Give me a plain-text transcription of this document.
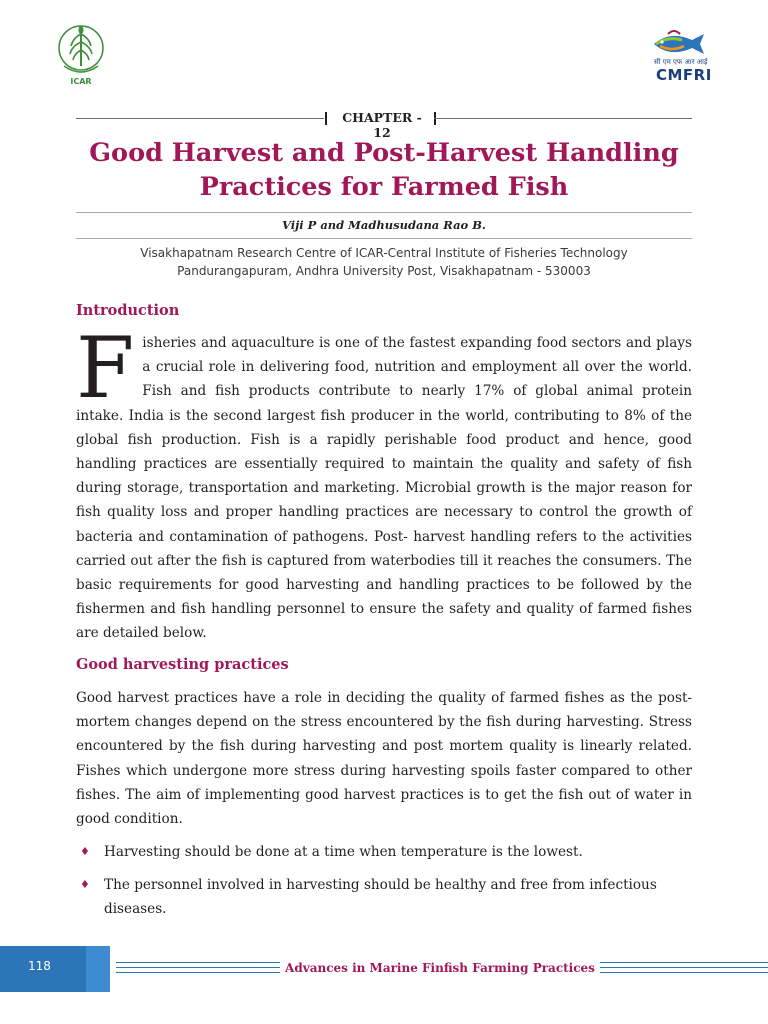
ICAR
सी एम एफ आर आई
CMFRI
CHAPTER - 12
Good Harvest and Post-Harvest Handling
Practices for Farmed Fish
Viji P and Madhusudana Rao B.
Visakhapatnam Research Centre of ICAR-Central Institute of Fisheries Technology
Pandurangapuram, Andhra University Post, Visakhapatnam - 530003
Introduction
Fisheries and aquaculture is one of the fastest expanding food sectors and plays a crucial role in delivering food, nutrition and employment all over the world. Fish and fish products contribute to nearly 17% of global animal protein intake. India is the second largest fish producer in the world, contributing to 8% of the global fish production. Fish is a rapidly perishable food product and hence, good handling practices are essentially required to maintain the quality and safety of fish during storage, transportation and marketing. Microbial growth is the major reason for fish quality loss and proper handling practices are necessary to control the growth of bacteria and contamination of pathogens. Post- harvest handling refers to the activities carried out after the fish is captured from waterbodies till it reaches the consumers. The basic requirements for good harvesting and handling practices to be followed by the fishermen and fish handling personnel to ensure the safety and quality of farmed fishes are detailed below.
Good harvesting practices
Good harvest practices have a role in deciding the quality of farmed fishes as the post-mortem changes depend on the stress encountered by the fish during harvesting. Stress encountered by the fish during harvesting and post mortem quality is linearly related. Fishes which undergone more stress during harvesting spoils faster compared to other fishes. The aim of implementing good harvest practices is to get the fish out of water in good condition.
♦ Harvesting should be done at a time when temperature is the lowest.
♦ The personnel involved in harvesting should be healthy and free from infectious diseases.
118	Advances in Marine Finfish Farming Practices
